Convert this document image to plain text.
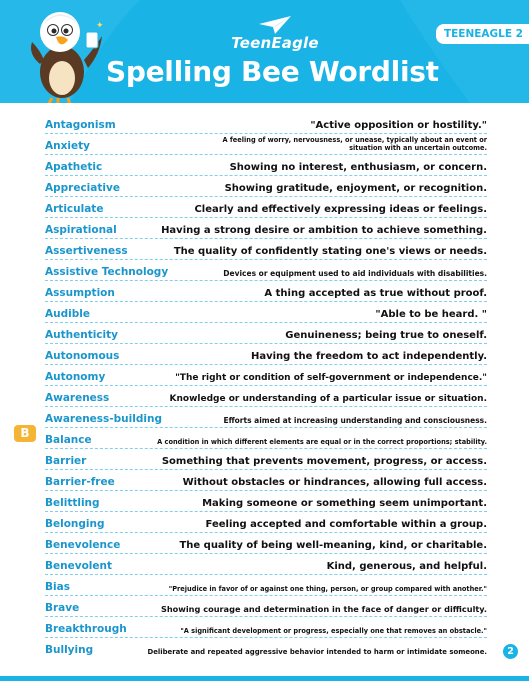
✦
TeenEagle
Spelling Bee Wordlist
TEENEAGLE 2
Antagonism	"Active opposition or hostility."
Anxiety	A feeling of worry, nervousness, or unease, typically about an event or situation with an uncertain outcome.
Apathetic	Showing no interest, enthusiasm, or concern.
Appreciative	Showing gratitude, enjoyment, or recognition.
Articulate	Clearly and effectively expressing ideas or feelings.
Aspirational	Having a strong desire or ambition to achieve something.
Assertiveness	The quality of confidently stating one's views or needs.
Assistive Technology	Devices or equipment used to aid individuals with disabilities.
Assumption	A thing accepted as true without proof.
Audible	"Able to be heard. "
Authenticity	Genuineness; being true to oneself.
Autonomous	Having the freedom to act independently.
Autonomy	"The right or condition of self-government or independence."
Awareness	Knowledge or understanding of a particular issue or situation.
Awareness-building	Efforts aimed at increasing understanding and consciousness.
Balance	A condition in which different elements are equal or in the correct proportions; stability.
Barrier	Something that prevents movement, progress, or access.
Barrier-free	Without obstacles or hindrances, allowing full access.
Belittling	Making someone or something seem unimportant.
Belonging	Feeling accepted and comfortable within a group.
Benevolence	The quality of being well-meaning, kind, or charitable.
Benevolent	Kind, generous, and helpful.
Bias	"Prejudice in favor of or against one thing, person, or group compared with another."
Brave	Showing courage and determination in the face of danger or difficulty.
Breakthrough	"A significant development or progress, especially one that removes an obstacle."
Bullying	Deliberate and repeated aggressive behavior intended to harm or intimidate someone.
B
2
